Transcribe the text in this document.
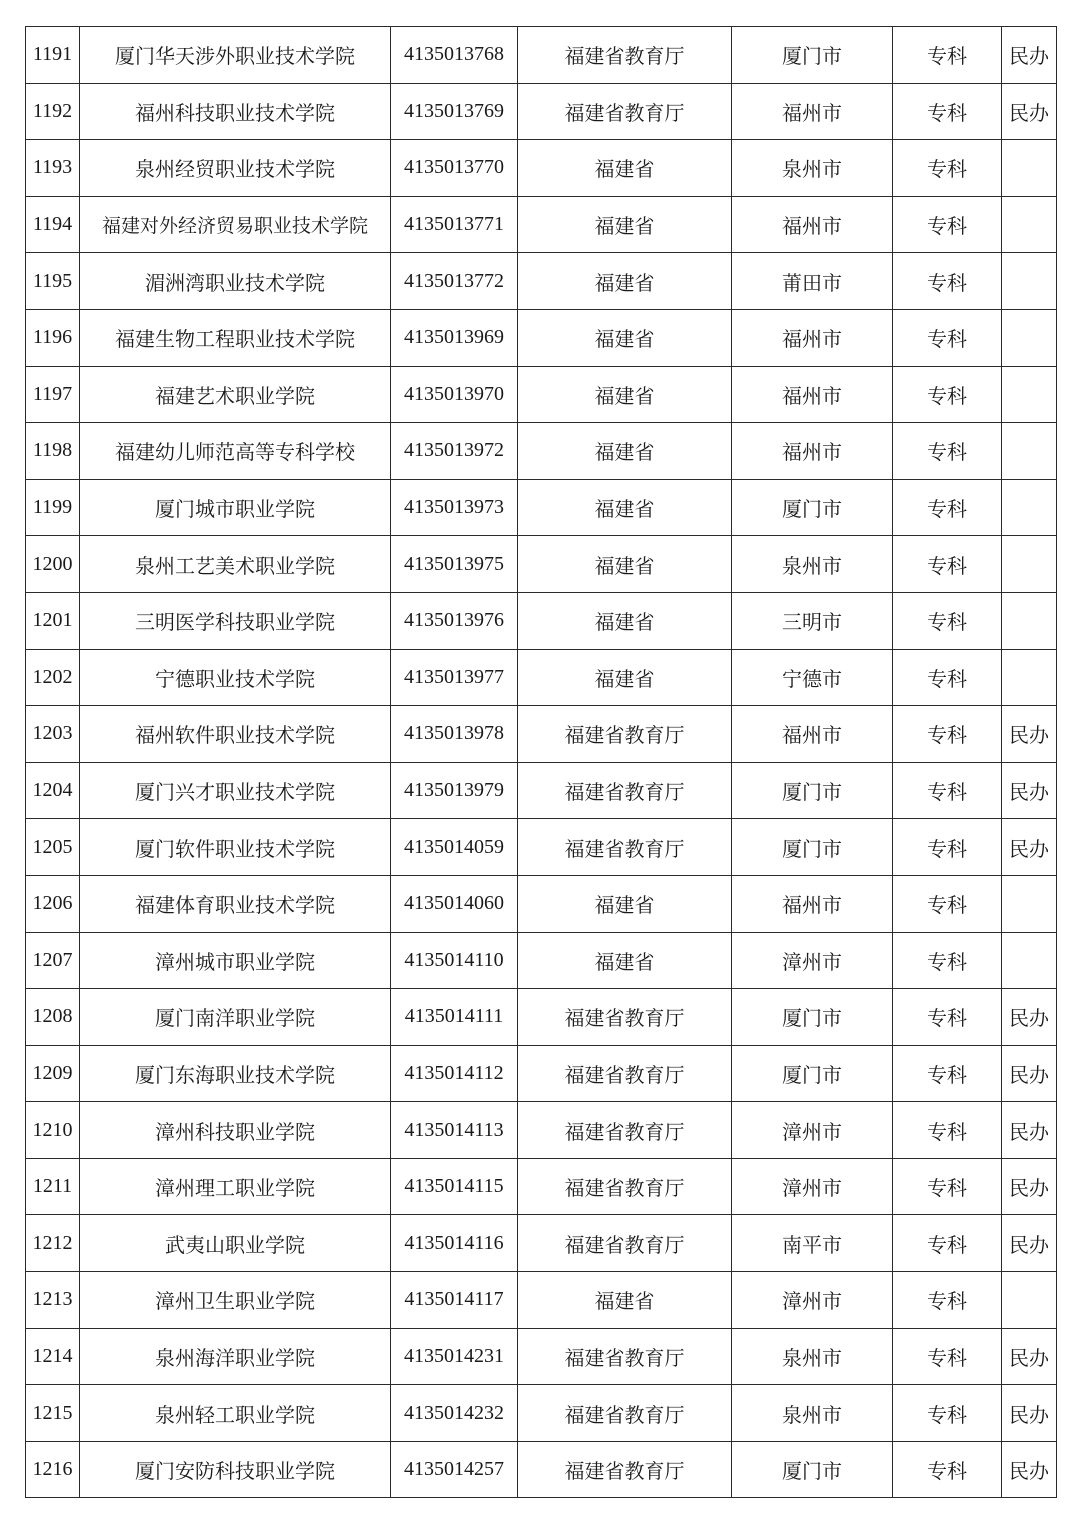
1191	厦门华天涉外职业技术学院	4135013768	福建省教育厅	厦门市	专科	民办
1192	福州科技职业技术学院	4135013769	福建省教育厅	福州市	专科	民办
1193	泉州经贸职业技术学院	4135013770	福建省	泉州市	专科	
1194	福建对外经济贸易职业技术学院	4135013771	福建省	福州市	专科	
1195	湄洲湾职业技术学院	4135013772	福建省	莆田市	专科	
1196	福建生物工程职业技术学院	4135013969	福建省	福州市	专科	
1197	福建艺术职业学院	4135013970	福建省	福州市	专科	
1198	福建幼儿师范高等专科学校	4135013972	福建省	福州市	专科	
1199	厦门城市职业学院	4135013973	福建省	厦门市	专科	
1200	泉州工艺美术职业学院	4135013975	福建省	泉州市	专科	
1201	三明医学科技职业学院	4135013976	福建省	三明市	专科	
1202	宁德职业技术学院	4135013977	福建省	宁德市	专科	
1203	福州软件职业技术学院	4135013978	福建省教育厅	福州市	专科	民办
1204	厦门兴才职业技术学院	4135013979	福建省教育厅	厦门市	专科	民办
1205	厦门软件职业技术学院	4135014059	福建省教育厅	厦门市	专科	民办
1206	福建体育职业技术学院	4135014060	福建省	福州市	专科	
1207	漳州城市职业学院	4135014110	福建省	漳州市	专科	
1208	厦门南洋职业学院	4135014111	福建省教育厅	厦门市	专科	民办
1209	厦门东海职业技术学院	4135014112	福建省教育厅	厦门市	专科	民办
1210	漳州科技职业学院	4135014113	福建省教育厅	漳州市	专科	民办
1211	漳州理工职业学院	4135014115	福建省教育厅	漳州市	专科	民办
1212	武夷山职业学院	4135014116	福建省教育厅	南平市	专科	民办
1213	漳州卫生职业学院	4135014117	福建省	漳州市	专科	
1214	泉州海洋职业学院	4135014231	福建省教育厅	泉州市	专科	民办
1215	泉州轻工职业学院	4135014232	福建省教育厅	泉州市	专科	民办
1216	厦门安防科技职业学院	4135014257	福建省教育厅	厦门市	专科	民办
